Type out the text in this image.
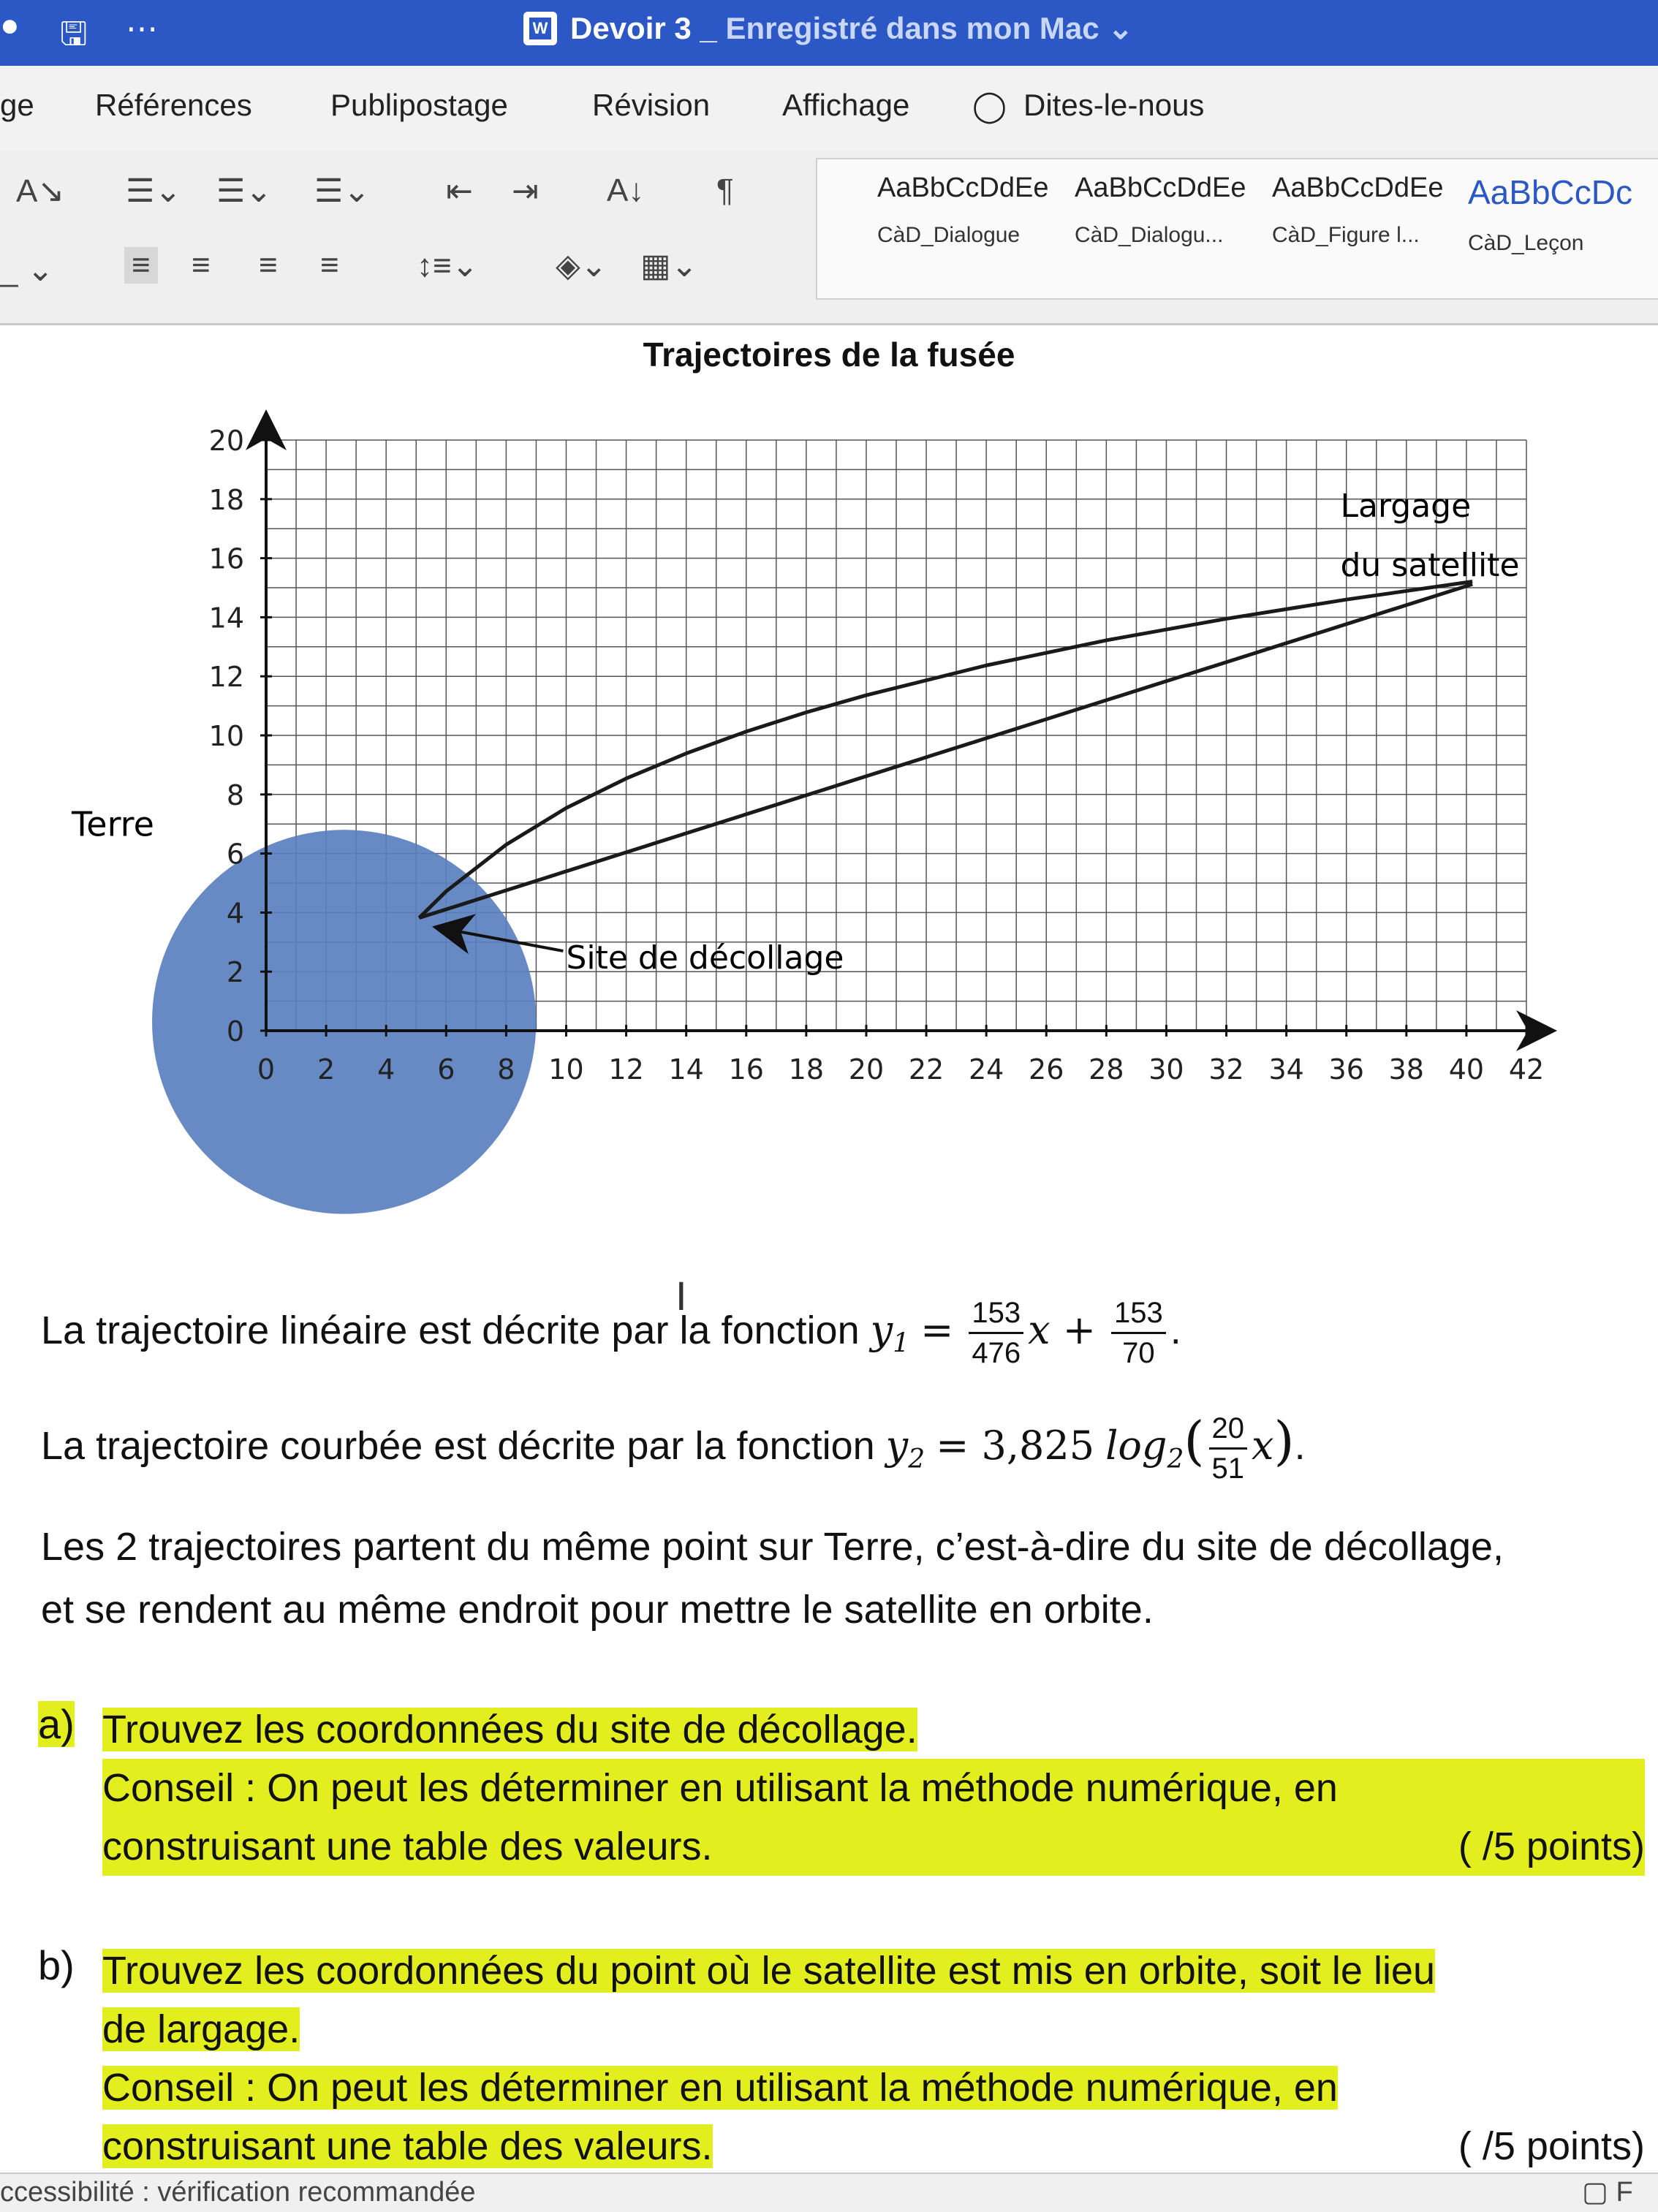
● 🖫 ⋯	W Devoir 3 _ Enregistré dans mon Mac ⌄
ge Références	Publipostage	Révision Affichage ◯ Dites-le-nous
A↘
_ ⌄
☰⌄ ☰⌄ ☰⌄ ⇤ ⇥ A↓ ¶
≡ ≡ ≡ ≡ ↕≡⌄ ◈⌄ ▦⌄
AaBbCcDdEe
CàD_Dialogue
AaBbCcDdEe
CàD_Dialogu...
AaBbCcDdEe
CàD_Figure l...
AaBbCcDc
CàD_Leçon
Trajectoires de la fusée
0 2 4 6 8 10 12 14 16 18 20 22 24 26 28 30 32 34 36 38 40 42
0
2
4
6
8
10
12
14
16
18
20
Terre
Site de décollage
Largage
du satellite
I
La trajectoire linéaire est décrite par la fonction $y_1 = \frac{153}{476}$ $x + \frac{153}{70}$ .
La trajectoire courbée est décrite par la fonction $y_2 = 3,825$ $\log_2( \frac{20}{51} x)$.
Les 2 trajectoires partent du même point sur Terre, c’est-à-dire du site de décollage, et se rendent au même endroit pour mettre le satellite en orbite.
a) Trouvez les coordonnées du site de décollage.
Conseil : On peut les déterminer en utilisant la méthode numérique, en
construisant une table des valeurs.	( /5 points)
b) Trouvez les coordonnées du point où le satellite est mis en orbite, soit le lieu
de largage.
Conseil : On peut les déterminer en utilisant la méthode numérique, en
construisant une table des valeurs.	( /5 points)
ccessibilité : vérification recommandée	▢ F
